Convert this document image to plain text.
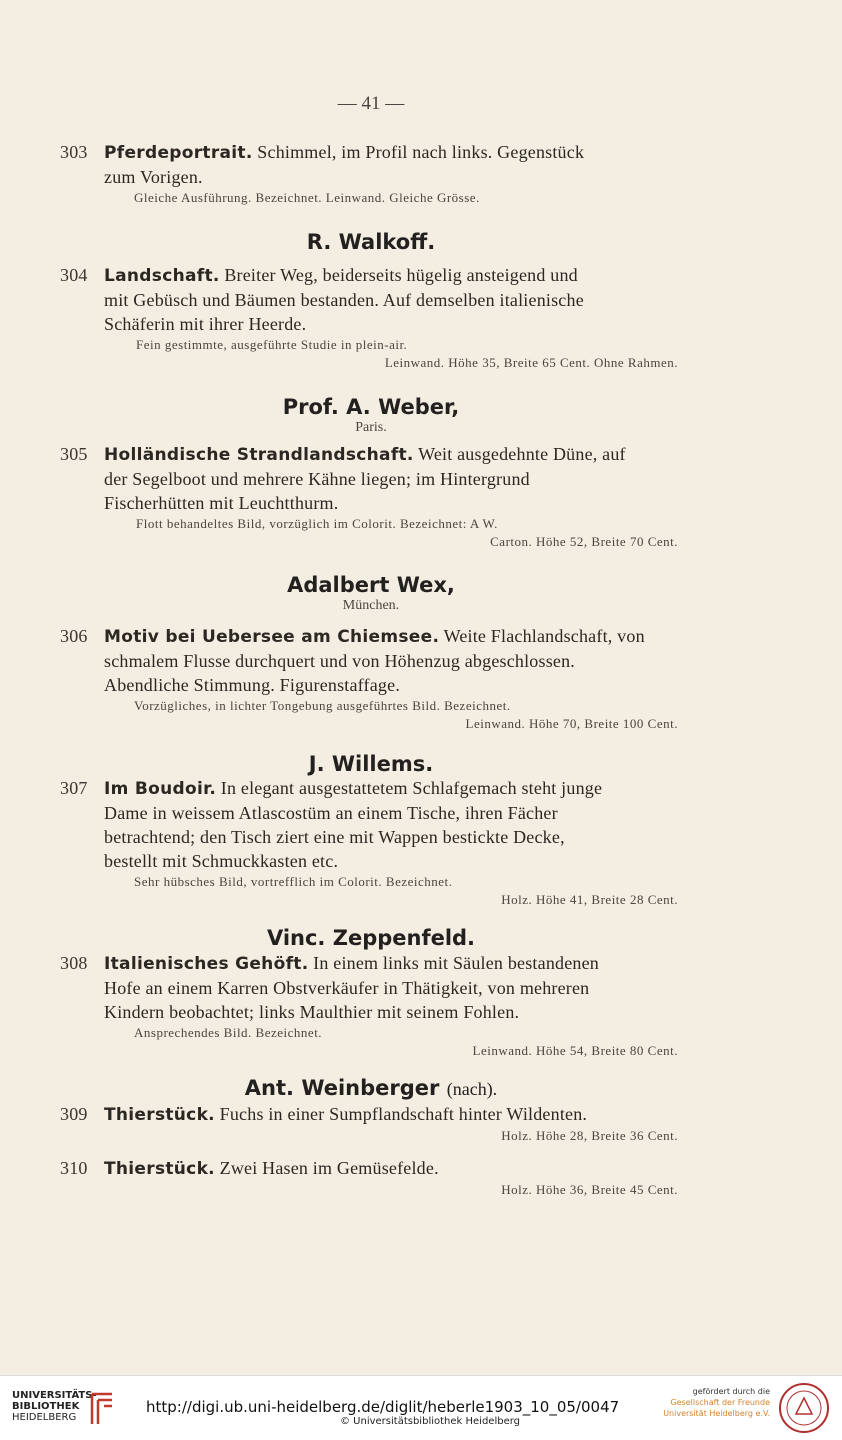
— 41 —
303 Pferdeportrait. Schimmel, im Profil nach links. Gegenstück
zum Vorigen.
Gleiche Ausführung. Bezeichnet. Leinwand. Gleiche Grösse.
R. Walkoff.
304 Landschaft. Breiter Weg, beiderseits hügelig ansteigend und
mit Gebüsch und Bäumen bestanden. Auf demselben italienische
Schäferin mit ihrer Heerde.
Fein gestimmte, ausgeführte Studie in plein-air.
Leinwand. Höhe 35, Breite 65 Cent. Ohne Rahmen.
Prof. A. Weber,
Paris.
305 Holländische Strandlandschaft. Weit ausgedehnte Düne, auf
der Segelboot und mehrere Kähne liegen; im Hintergrund
Fischerhütten mit Leuchtthurm.
Flott behandeltes Bild, vorzüglich im Colorit. Bezeichnet: A W.
Carton. Höhe 52, Breite 70 Cent.
Adalbert Wex,
München.
306 Motiv bei Uebersee am Chiemsee. Weite Flachlandschaft, von
schmalem Flusse durchquert und von Höhenzug abgeschlossen.
Abendliche Stimmung. Figurenstaffage.
Vorzügliches, in lichter Tongebung ausgeführtes Bild. Bezeichnet.
Leinwand. Höhe 70, Breite 100 Cent.
J. Willems.
307 Im Boudoir. In elegant ausgestattetem Schlafgemach steht junge
Dame in weissem Atlascostüm an einem Tische, ihren Fächer
betrachtend; den Tisch ziert eine mit Wappen bestickte Decke,
bestellt mit Schmuckkasten etc.
Sehr hübsches Bild, vortrefflich im Colorit. Bezeichnet.
Holz. Höhe 41, Breite 28 Cent.
Vinc. Zeppenfeld.
308 Italienisches Gehöft. In einem links mit Säulen bestandenen
Hofe an einem Karren Obstverkäufer in Thätigkeit, von mehreren
Kindern beobachtet; links Maulthier mit seinem Fohlen.
Ansprechendes Bild. Bezeichnet.
Leinwand. Höhe 54, Breite 80 Cent.
Ant. Weinberger (nach).
309 Thierstück. Fuchs in einer Sumpflandschaft hinter Wildenten.
Holz. Höhe 28, Breite 36 Cent.
310 Thierstück. Zwei Hasen im Gemüsefelde.
Holz. Höhe 36, Breite 45 Cent.
UNIVERSITÄTS-
BIBLIOTHEK
HEIDELBERG
http://digi.ub.uni-heidelberg.de/diglit/heberle1903_10_05/0047
© Universitätsbibliothek Heidelberg
gefördert durch die
Gesellschaft der Freunde
Universität Heidelberg e.V.
